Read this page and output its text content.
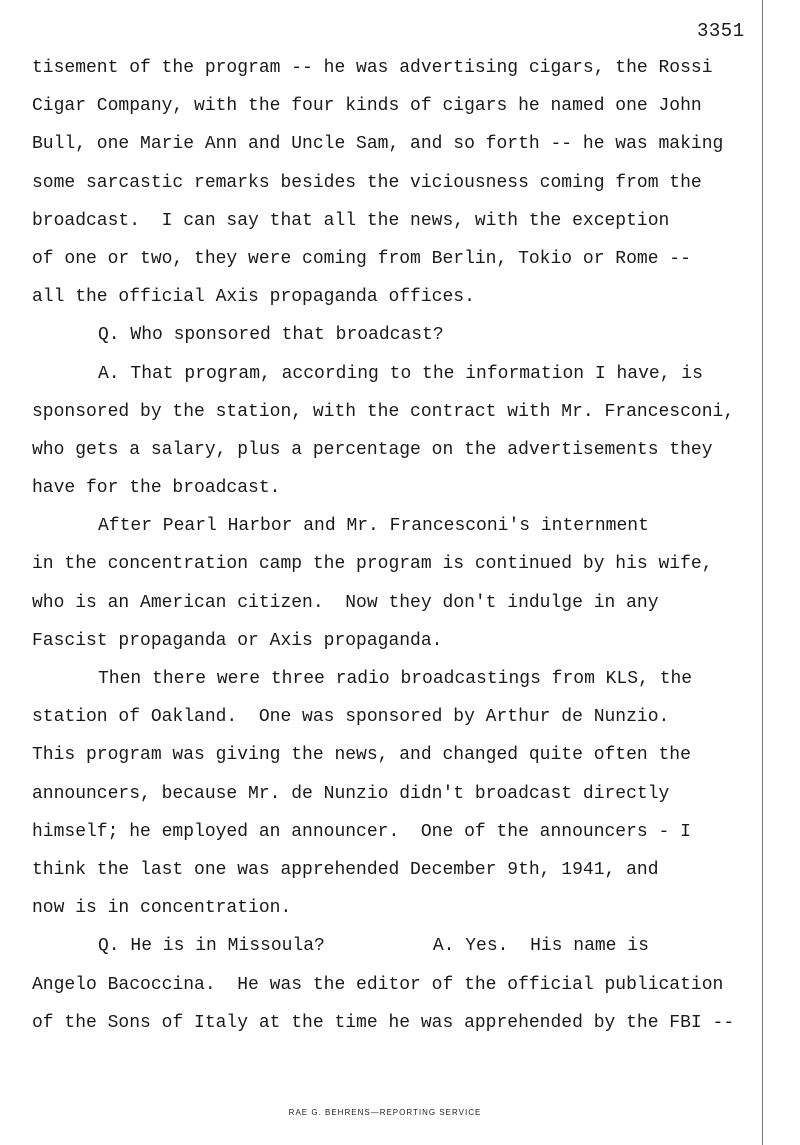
3351
tisement of the program -- he was advertising cigars, the Rossi
Cigar Company, with the four kinds of cigars he named one John
Bull, one Marie Ann and Uncle Sam, and so forth -- he was making
some sarcastic remarks besides the viciousness coming from the
broadcast.  I can say that all the news, with the exception
of one or two, they were coming from Berlin, Tokio or Rome --
all the official Axis propaganda offices.
Q. Who sponsored that broadcast?
A. That program, according to the information I have, is
sponsored by the station, with the contract with Mr. Francesconi,
who gets a salary, plus a percentage on the advertisements they
have for the broadcast.
After Pearl Harbor and Mr. Francesconi's internment
in the concentration camp the program is continued by his wife,
who is an American citizen.  Now they don't indulge in any
Fascist propaganda or Axis propaganda.
Then there were three radio broadcastings from KLS, the
station of Oakland.  One was sponsored by Arthur de Nunzio.
This program was giving the news, and changed quite often the
announcers, because Mr. de Nunzio didn't broadcast directly
himself; he employed an announcer.  One of the announcers - I
think the last one was apprehended December 9th, 1941, and
now is in concentration.
Q. He is in Missoula?          A. Yes.  His name is
Angelo Bacoccina.  He was the editor of the official publication
of the Sons of Italy at the time he was apprehended by the FBI --
RAE G. BEHRENS—REPORTING SERVICE
